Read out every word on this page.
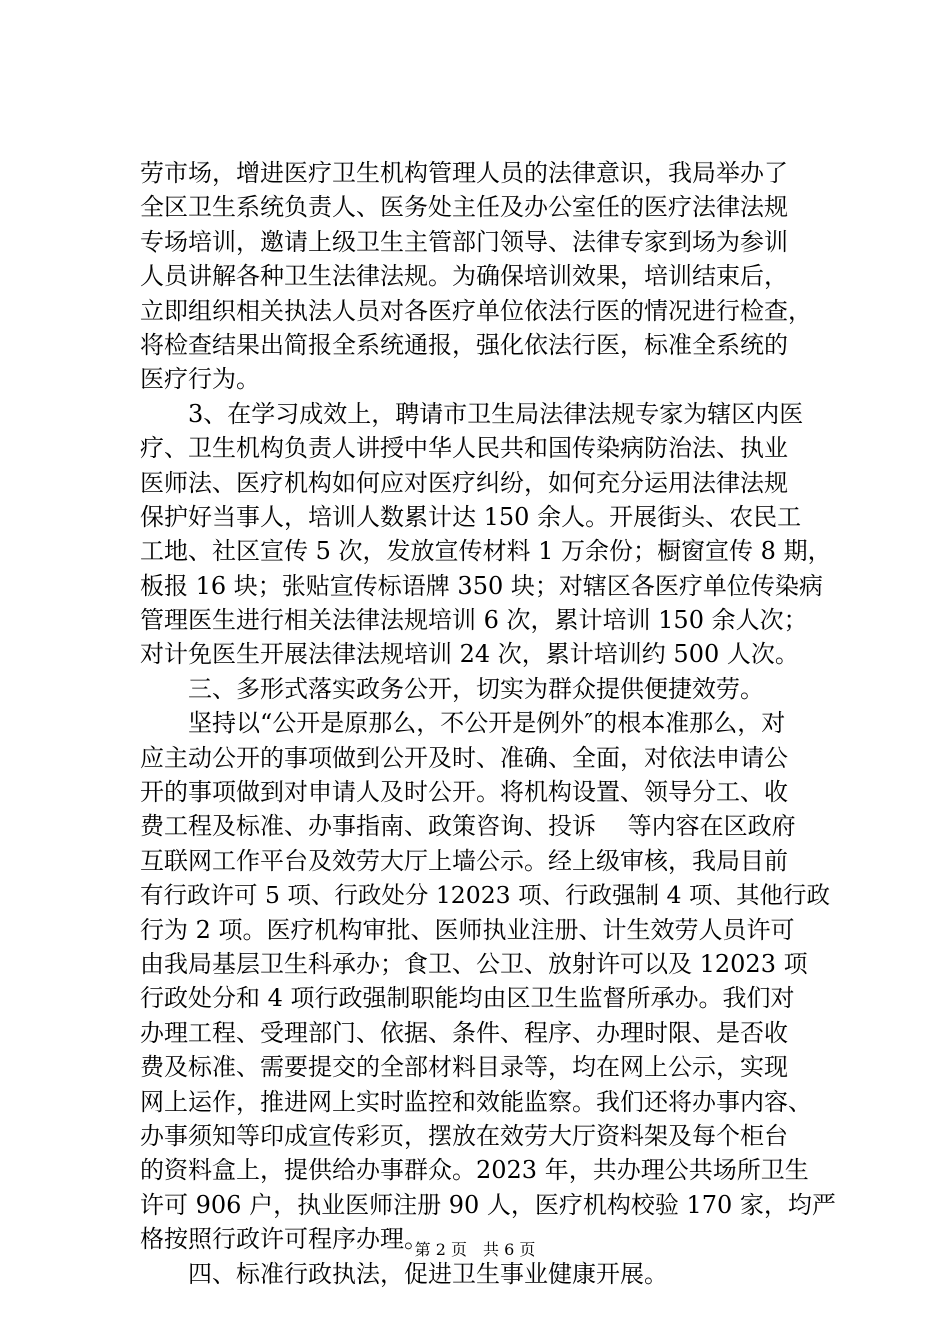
劳市场，增进医疗卫生机构管理人员的法律意识，我局举办了
全区卫生系统负责人、医务处主任及办公室任的医疗法律法规
专场培训，邀请上级卫生主管部门领导、法律专家到场为参训
人员讲解各种卫生法律法规。为确保培训效果，培训结束后，
立即组织相关执法人员对各医疗单位依法行医的情况进行检查，
将检查结果出简报全系统通报，强化依法行医，标准全系统的
医疗行为。
3、在学习成效上，聘请市卫生局法律法规专家为辖区内医
疗、卫生机构负责人讲授中华人民共和国传染病防治法、执业
医师法、医疗机构如何应对医疗纠纷，如何充分运用法律法规
保护好当事人，培训人数累计达 150 余人。开展街头、农民工
工地、社区宣传 5 次，发放宣传材料 1 万余份；橱窗宣传 8 期，
板报 16 块；张贴宣传标语牌 350 块；对辖区各医疗单位传染病
管理医生进行相关法律法规培训 6 次，累计培训 150 余人次；
对计免医生开展法律法规培训 24 次，累计培训约 500 人次。
三、多形式落实政务公开，切实为群众提供便捷效劳。
坚持以“公开是原那么，不公开是例外″的根本准那么，对
应主动公开的事项做到公开及时、准确、全面，对依法申请公
开的事项做到对申请人及时公开。将机构设置、领导分工、收
费工程及标准、办事指南、政策咨询、投诉　 等内容在区政府
互联网工作平台及效劳大厅上墙公示。经上级审核，我局目前
有行政许可 5 项、行政处分 12023 项、行政强制 4 项、其他行政
行为 2 项。医疗机构审批、医师执业注册、计生效劳人员许可
由我局基层卫生科承办；食卫、公卫、放射许可以及 12023 项
行政处分和 4 项行政强制职能均由区卫生监督所承办。我们对
办理工程、受理部门、依据、条件、程序、办理时限、是否收
费及标准、需要提交的全部材料目录等，均在网上公示，实现
网上运作，推进网上实时监控和效能监察。我们还将办事内容、
办事须知等印成宣传彩页，摆放在效劳大厅资料架及每个柜台
的资料盒上，提供给办事群众。2023 年，共办理公共场所卫生
许可 906 户，执业医师注册 90 人，医疗机构校验 170 家，均严
格按照行政许可程序办理。
四、标准行政执法，促进卫生事业健康开展。
第 2 页　共 6 页
